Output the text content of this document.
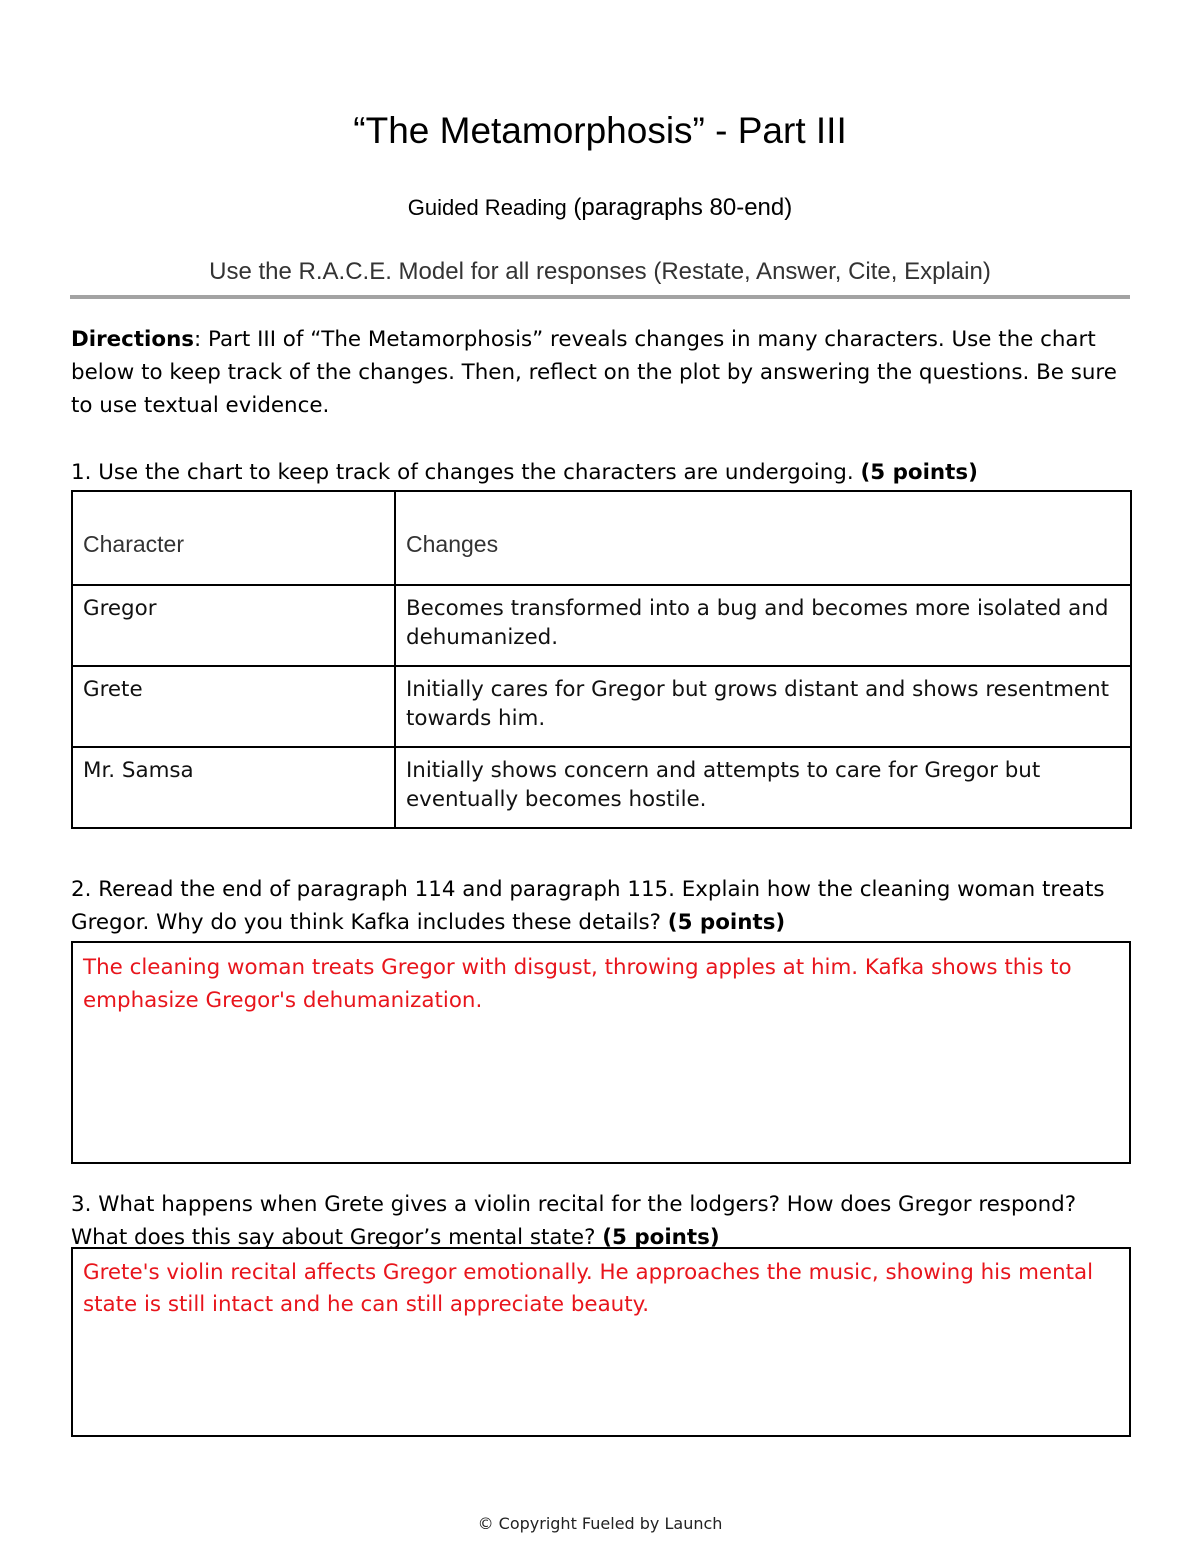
“The Metamorphosis” - Part III
Guided Reading (paragraphs 80-end)
Use the R.A.C.E. Model for all responses (Restate, Answer, Cite, Explain)
Directions: Part III of “The Metamorphosis” reveals changes in many characters. Use the chart below to keep track of the changes. Then, reflect on the plot by answering the questions. Be sure to use textual evidence.
1. Use the chart to keep track of changes the characters are undergoing. (5 points)
Character	Changes
Gregor	Becomes transformed into a bug and becomes more isolated and dehumanized.
Grete	Initially cares for Gregor but grows distant and shows resentment towards him.
Mr. Samsa	Initially shows concern and attempts to care for Gregor but eventually becomes hostile.
2. Reread the end of paragraph 114 and paragraph 115. Explain how the cleaning woman treats Gregor. Why do you think Kafka includes these details? (5 points)
The cleaning woman treats Gregor with disgust, throwing apples at him. Kafka shows this to emphasize Gregor's dehumanization.
3. What happens when Grete gives a violin recital for the lodgers? How does Gregor respond? What does this say about Gregor’s mental state? (5 points)
Grete's violin recital affects Gregor emotionally. He approaches the music, showing his mental state is still intact and he can still appreciate beauty.
© Copyright Fueled by Launch
